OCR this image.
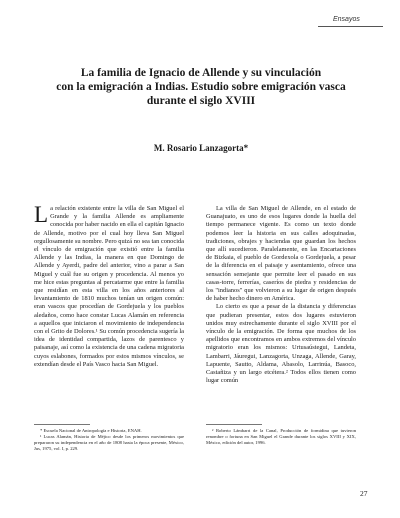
Ensayos
La familia de Ignacio de Allende y su vinculación
con la emigración a Indias. Estudio sobre emigración vasca
durante el siglo XVIII
M. Rosario Lanzagorta*

La relación existente entre la villa de San Miguel el Grande y la familia Allende es ampliamente conocida por haber nacido en ella el capitán Ignacio de Allende, motivo por el cual hoy lleva San Miguel orgullosamente su nombre. Pero quizá no sea tan conocida el vínculo de emigración que existió entre la familia Allende y las Indias, la manera en que Domingo de Allende y Ayerdi, padre del anterior, vino a parar a San Miguel y cuál fue su origen y procedencia. Al menos yo me hice estas preguntas al percatarme que entre la familia que residían en esta villa en los años anteriores al levantamiento de 1810 muchos tenían un origen común: eran vascos que procedían de Gordejuela y los pueblos aledaños, como hace constar Lucas Alamán en referencia a aquellos que iniciaron el movimiento de independencia con el Grito de Dolores.¹ Su común procedencia sugería la idea de identidad compartida, lazos de parentesco y paisanaje, así como la existencia de una cadena migratoria cuyos eslabones, formados por estos mismos vínculos, se extendían desde el País Vasco hacia San Miguel.

La villa de San Miguel de Allende, en el estado de Guanajuato, es uno de esos lugares donde la huella del tiempo permanece vigente. Es como un texto donde podemos leer la historia en sus calles adoquinadas, tradiciones, obrajes y haciendas que guardan los hechos que allí sucedieron. Paralelamente, en las Encartaciones de Bizkaia, el pueblo de Gordexola o Gordejuela, a pesar de la diferencia en el paisaje y asentamiento, ofrece una sensación semejante que permite leer el pasado en sus casas-torre, ferrerías, caseríos de piedra y residencias de los "indianos" que volvieron a su lugar de origen después de haber hecho dinero en América.

Lo cierto es que a pesar de la distancia y diferencias que pudieran presentar, estos dos lugares estuvieron unidos muy estrechamente durante el siglo XVIII por el vínculo de la emigración. De forma que muchos de los apellidos que encontramos en ambos extremos del vínculo migratorio eran los mismos: Urtusaústegui, Landeta, Lambarri, Jáuregui, Lanzagorta, Unzaga, Allende, Garay, Lapuente, Sautto, Aldama, Abasolo, Larrinúa, Basoco, Castañiza y un largo etcétera.² Todos ellos tienen como lugar común

* Escuela Nacional de Antropología e Historia, ENAH.

¹ Lucas Alamán, Historia de Méjico desde los primeros movimientos que prepararon su independencia en el año de 1808 hasta la época presente, México, Jus, 1975, vol. I, p. 229.

² Roberto Lámbarri de la Canal, Producción de formidina que tuvieron renombre o fortuna en San Miguel el Grande durante los siglos XVIII y XIX, México, edición del autor, 1996.

27
